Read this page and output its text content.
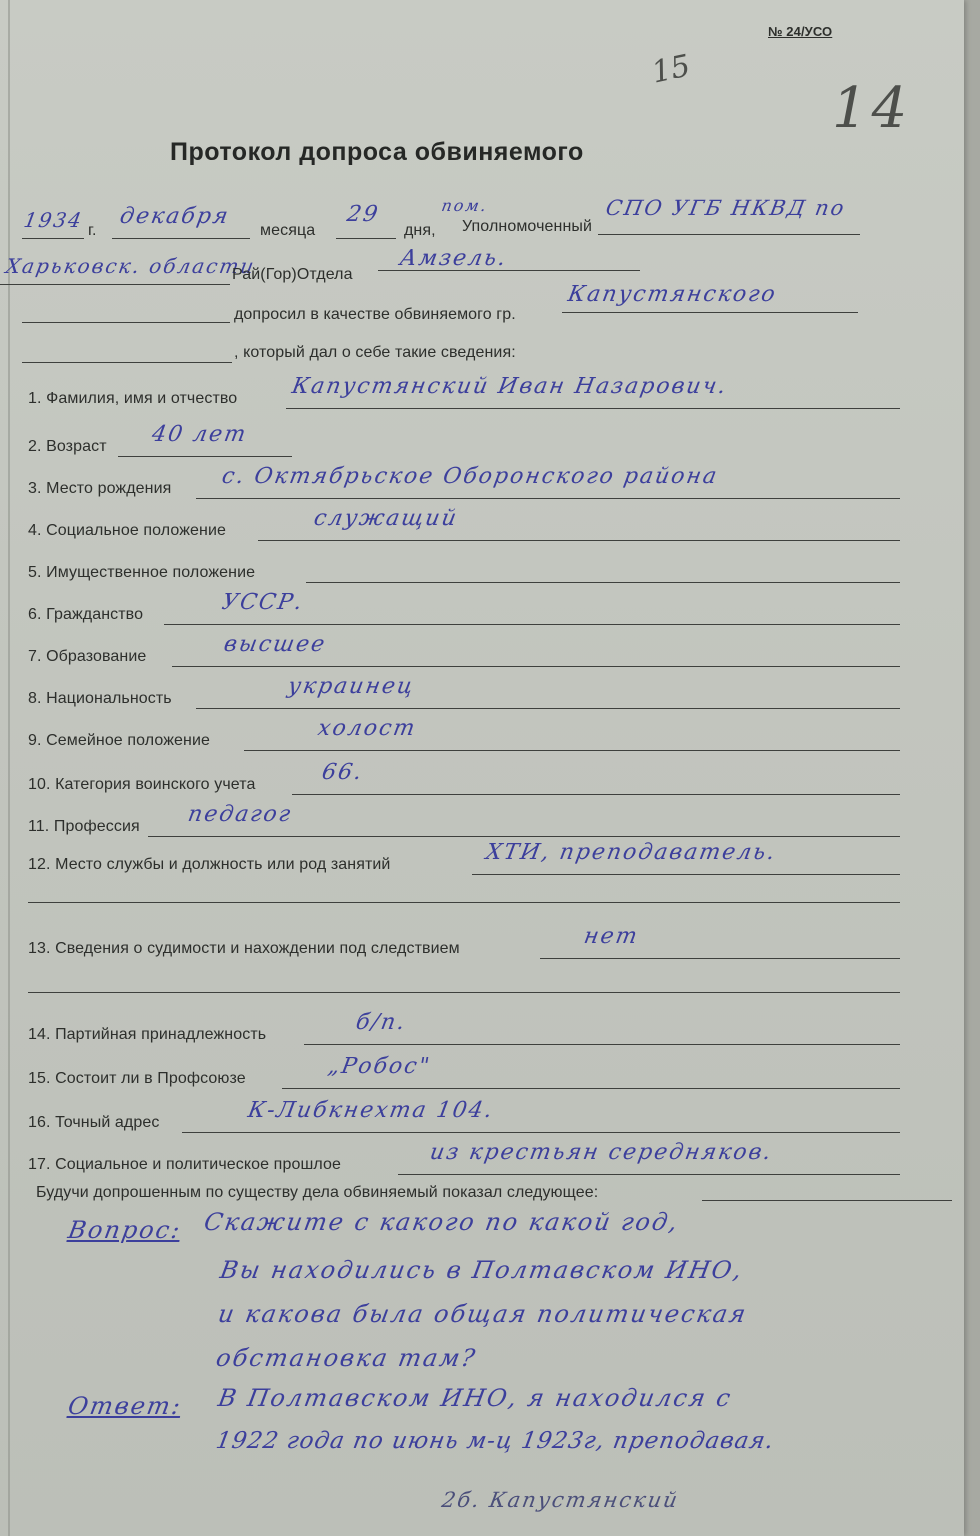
№ 24/УСО
15
14
Протокол допроса обвиняемого
1934 г.
декабря
месяца
29
дня,
пом.
Уполномоченный
СПО УГБ НКВД по
Харьковск. области
Рай(Гор)Отдела
Амзель.
допросил в качестве обвиняемого гр.
Капустянского
, который дал о себе такие сведения:
1. Фамилия, имя и отчество Капустянский Иван Назарович.
2. Возраст 40 лет
3. Место рождения с. Октябрьское Оборонского района
4. Социальное положение	служащий
5. Имущественное положение
6. Гражданство	УССР.
7. Образование	высшее
8. Национальность	украинец
9. Семейное положение	холост
10. Категория воинского учета	66.
11. Профессия педагог
12. Место службы и должность или род занятий	ХТИ, преподаватель.
13. Сведения о судимости и нахождении под следствием	нет
14. Партийная принадлежность	б/п.
15. Состоит ли в Профсоюзе	„Робос"
16. Точный адрес	К-Либкнехта 104.
17. Социальное и политическое прошлое	из крестьян середняков.
Будучи допрошенным по существу дела обвиняемый показал следующее:
Вопрос: Скажите с какого по какой год,
Вы находились в Полтавском ИНО,
и какова была общая политическая
обстановка там?
Ответ: В Полтавском ИНО, я находился с
1922 года по июнь м-ц 1923г, преподавая.
2б. Капустянский
